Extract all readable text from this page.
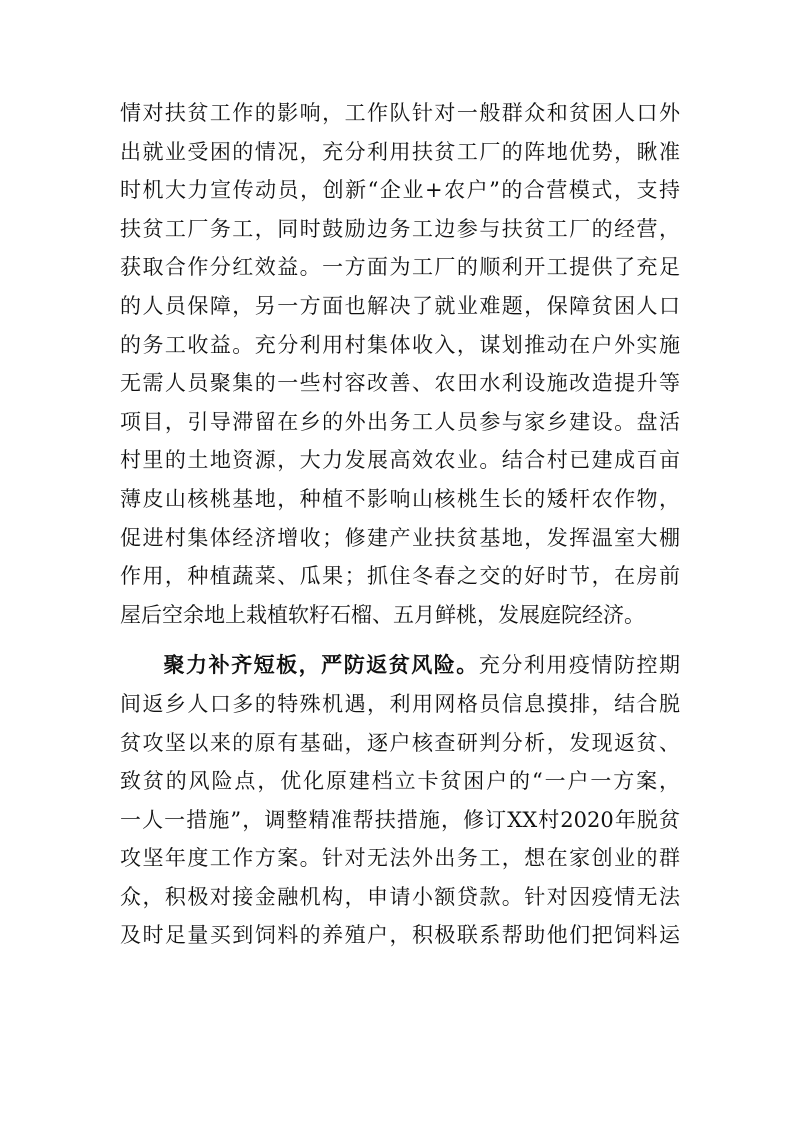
情对扶贫工作的影响，工作队针对一般群众和贫困人口外
出就业受困的情况，充分利用扶贫工厂的阵地优势，瞅准
时机大力宣传动员，创新“企业+农户”的合营模式，支持
扶贫工厂务工，同时鼓励边务工边参与扶贫工厂的经营，
获取合作分红效益。一方面为工厂的顺利开工提供了充足
的人员保障，另一方面也解决了就业难题，保障贫困人口
的务工收益。充分利用村集体收入，谋划推动在户外实施
无需人员聚集的一些村容改善、农田水利设施改造提升等
项目，引导滞留在乡的外出务工人员参与家乡建设。盘活
村里的土地资源，大力发展高效农业。结合村已建成百亩
薄皮山核桃基地，种植不影响山核桃生长的矮杆农作物，
促进村集体经济增收；修建产业扶贫基地，发挥温室大棚
作用，种植蔬菜、瓜果；抓住冬春之交的好时节，在房前
屋后空余地上栽植软籽石榴、五月鲜桃，发展庭院经济。
聚力补齐短板，严防返贫风险。充分利用疫情防控期
间返乡人口多的特殊机遇，利用网格员信息摸排，结合脱
贫攻坚以来的原有基础，逐户核查研判分析，发现返贫、
致贫的风险点，优化原建档立卡贫困户的“一户一方案，
一人一措施”，调整精准帮扶措施，修订XX村2020年脱贫
攻坚年度工作方案。针对无法外出务工，想在家创业的群
众，积极对接金融机构，申请小额贷款。针对因疫情无法
及时足量买到饲料的养殖户，积极联系帮助他们把饲料运
